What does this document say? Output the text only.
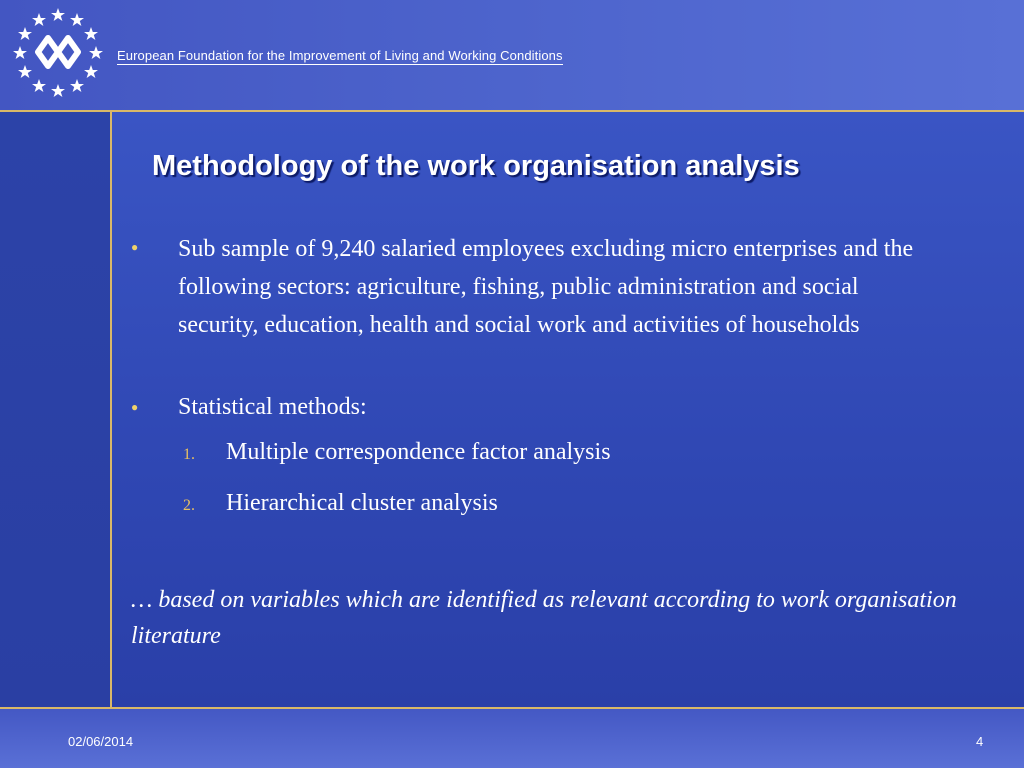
European Foundation for the Improvement of Living and Working Conditions
Methodology of the work organisation analysis
● Sub sample of 9,240 salaried employees excluding micro enterprises and the following sectors: agriculture, fishing, public administration and social security, education, health and social work and activities of households
● Statistical methods:
1. Multiple correspondence factor analysis
2. Hierarchical cluster analysis
… based on variables which are identified as relevant according to work organisation literature
02/06/2014	4
